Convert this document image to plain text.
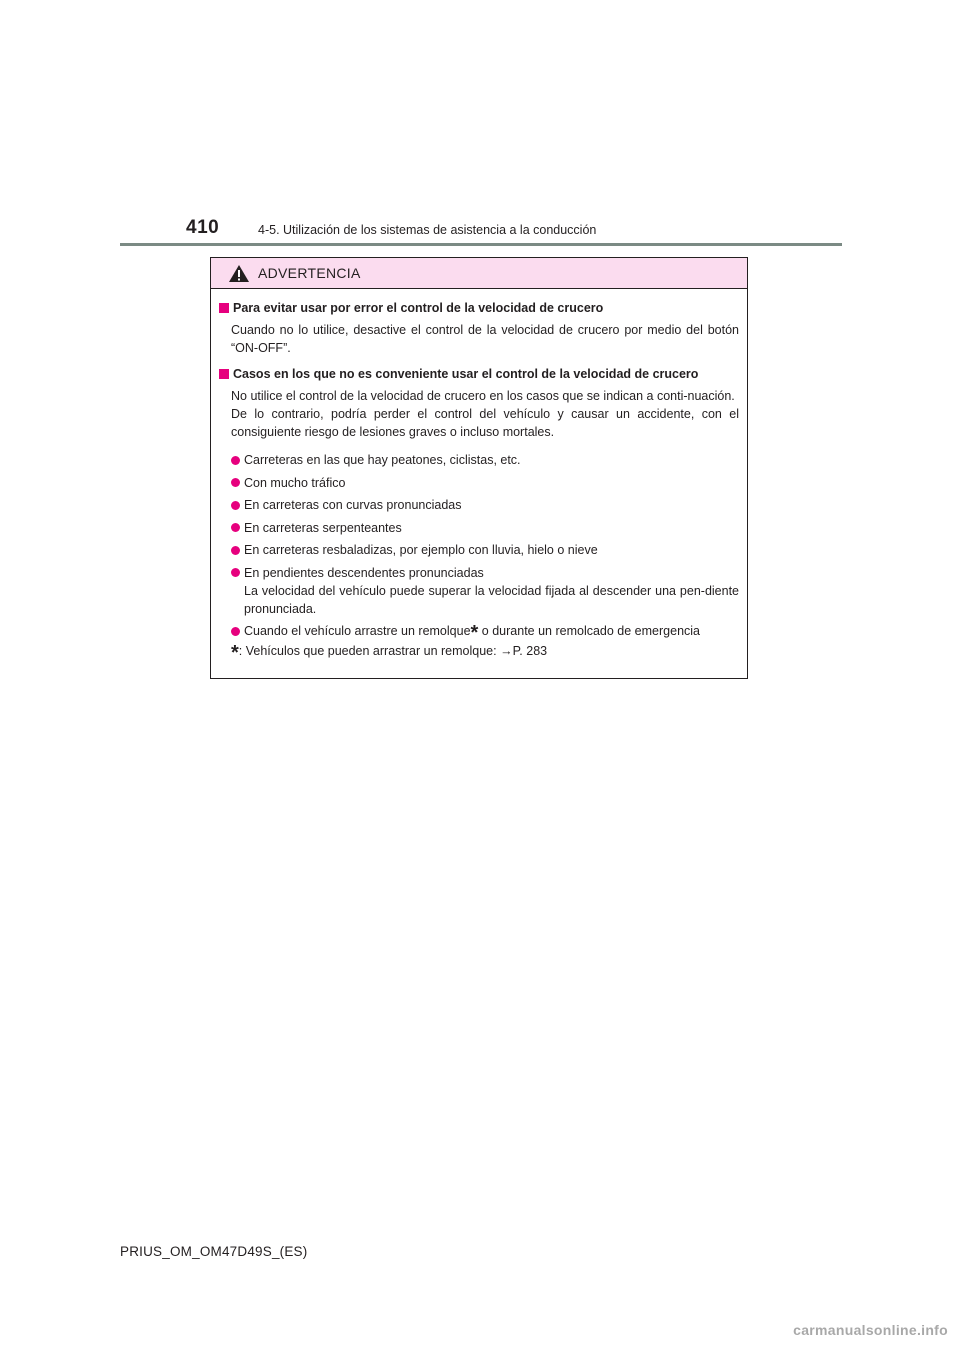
410	4-5. Utilización de los sistemas de asistencia a la conducción
ADVERTENCIA
Para evitar usar por error el control de la velocidad de crucero
Cuando no lo utilice, desactive el control de la velocidad de crucero por medio del botón “ON-OFF”.
Casos en los que no es conveniente usar el control de la velocidad de crucero
No utilice el control de la velocidad de crucero en los casos que se indican a conti-nuación.
De lo contrario, podría perder el control del vehículo y causar un accidente, con el consiguiente riesgo de lesiones graves o incluso mortales.
Carreteras en las que hay peatones, ciclistas, etc.
Con mucho tráfico
En carreteras con curvas pronunciadas
En carreteras serpenteantes
En carreteras resbaladizas, por ejemplo con lluvia, hielo o nieve
En pendientes descendentes pronunciadas
La velocidad del vehículo puede superar la velocidad fijada al descender una pen-diente pronunciada.
Cuando el vehículo arrastre un remolque* o durante un remolcado de emergencia
*: Vehículos que pueden arrastrar un remolque: →P. 283
PRIUS_OM_OM47D49S_(ES)
carmanualsonline.info
